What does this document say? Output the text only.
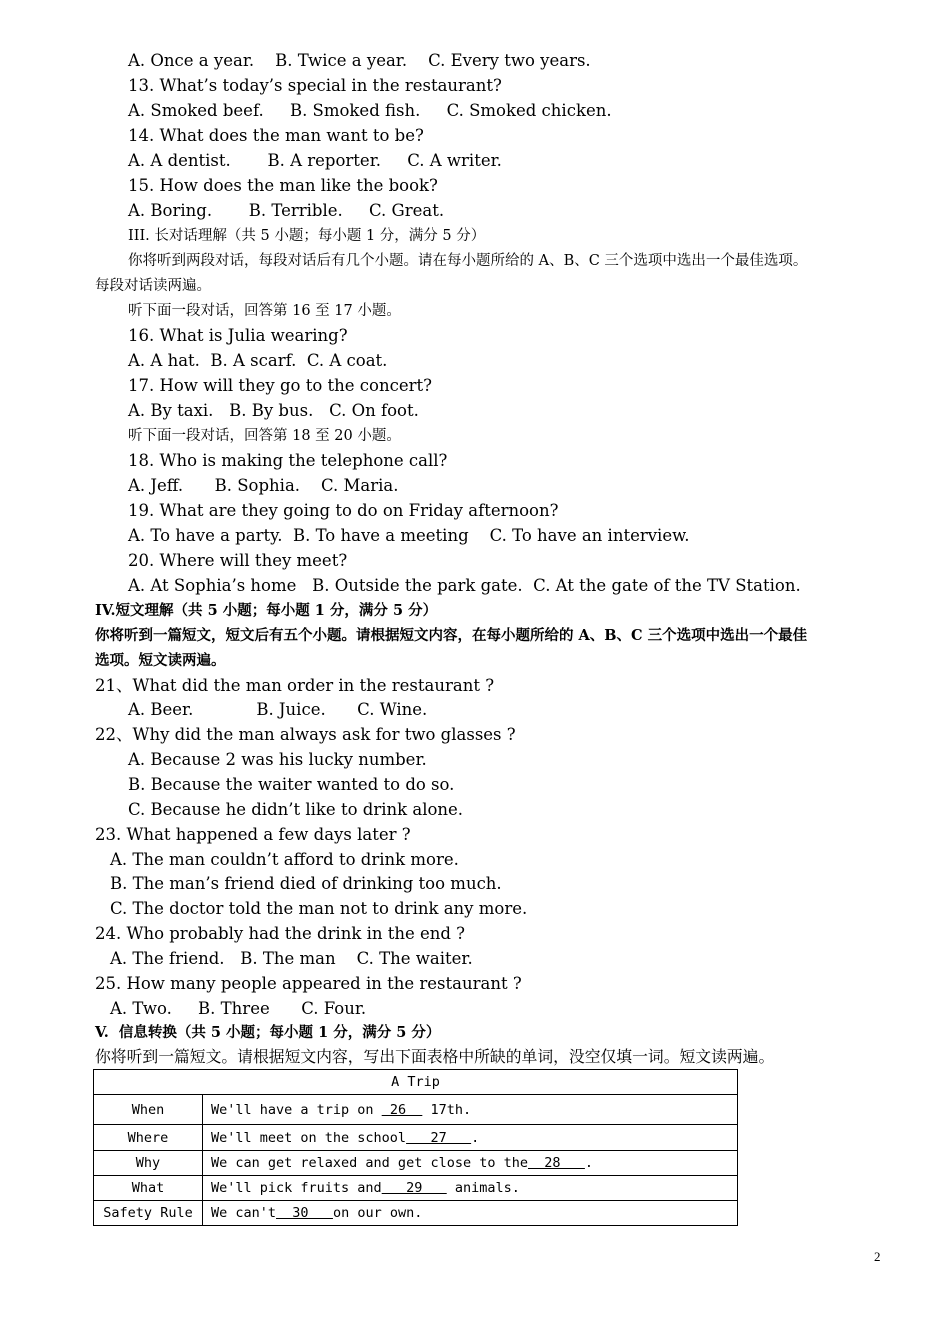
A. Once a year.    B. Twice a year.    C. Every two years.
13. What’s today’s special in the restaurant?
A. Smoked beef.     B. Smoked fish.     C. Smoked chicken.
14. What does the man want to be?
A. A dentist.       B. A reporter.     C. A writer.
15. How does the man like the book?
A. Boring.       B. Terrible.     C. Great.
III. 长对话理解（共 5 小题；每小题 1 分，满分 5 分）
你将听到两段对话，每段对话后有几个小题。请在每小题所给的 A、B、C 三个选项中选出一个最佳选项。
每段对话读两遍。
听下面一段对话，回答第 16 至 17 小题。
16. What is Julia wearing?
A. A hat.  B. A scarf.  C. A coat.
17. How will they go to the concert?
A. By taxi.   B. By bus.   C. On foot.
听下面一段对话，回答第 18 至 20 小题。
18. Who is making the telephone call?
A. Jeff.      B. Sophia.    C. Maria.
19. What are they going to do on Friday afternoon?
A. To have a party.  B. To have a meeting    C. To have an interview.
20. Where will they meet?
A. At Sophia’s home   B. Outside the park gate.  C. At the gate of the TV Station.
IV.短文理解（共 5 小题；每小题 1 分，满分 5 分）
你将听到一篇短文，短文后有五个小题。请根据短文内容，在每小题所给的 A、B、C 三个选项中选出一个最佳
选项。短文读两遍。
21、What did the man order in the restaurant ?
A. Beer.            B. Juice.      C. Wine.
22、Why did the man always ask for two glasses ?
A. Because 2 was his lucky number.
B. Because the waiter wanted to do so.
C. Because he didn’t like to drink alone.
23. What happened a few days later ?
A. The man couldn’t afford to drink more.
B. The man’s friend died of drinking too much.
C. The doctor told the man not to drink any more.
24. Who probably had the drink in the end ?
A. The friend.   B. The man    C. The waiter.
25. How many people appeared in the restaurant ?
A. Two.     B. Three      C. Four.
V.  信息转换（共 5 小题；每小题 1 分，满分 5 分）
你将听到一篇短文。请根据短文内容，写出下面表格中所缺的单词，没空仅填一词。短文读两遍。
A Trip	
When	We'll have a trip on  26   17th.
Where	We'll meet on the school   27   .
Why	We can get relaxed and get close to the  28   .
What	We'll pick fruits and   29    animals.
Safety Rule	We can't  30   on our own.
2
